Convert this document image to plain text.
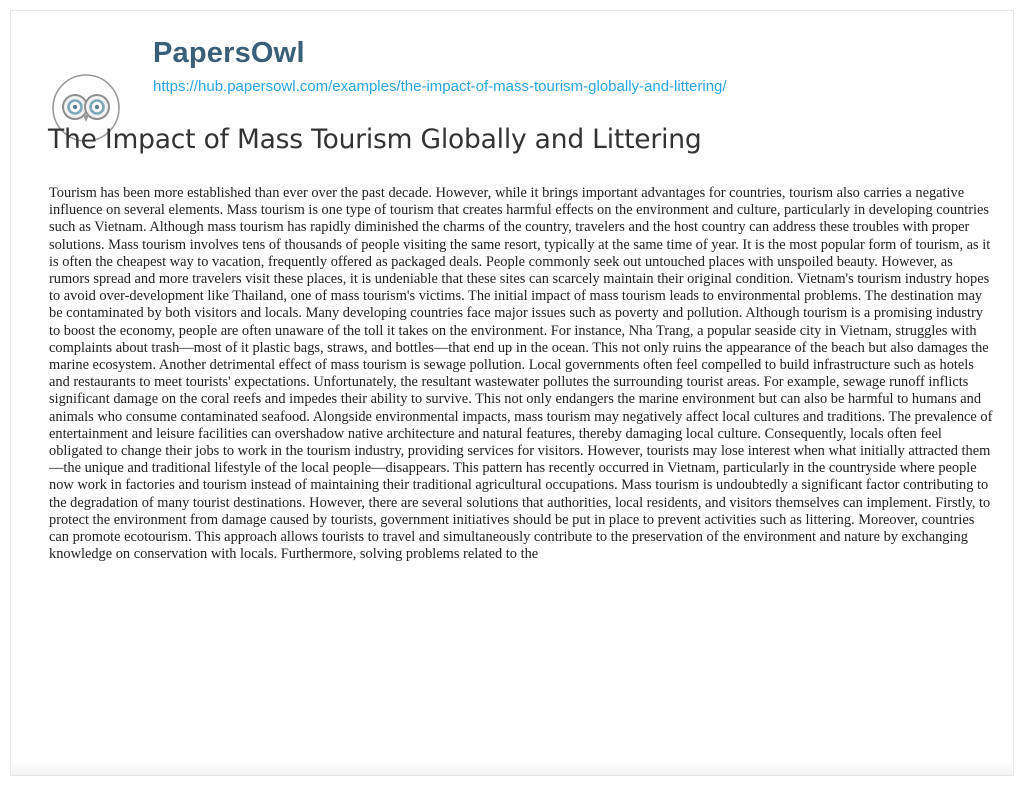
PapersOwl
https://hub.papersowl.com/examples/the-impact-of-mass-tourism-globally-and-littering/
The Impact of Mass Tourism Globally and Littering

Tourism has been more established than ever over the past decade. However, while it brings important advantages for countries, tourism also carries a negative influence on several elements. Mass tourism is one type of tourism that creates harmful effects on the environment and culture, particularly in developing countries such as Vietnam. Although mass tourism has rapidly diminished the charms of the country, travelers and the host country can address these troubles with proper solutions. Mass tourism involves tens of thousands of people visiting the same resort, typically at the same time of year. It is the most popular form of tourism, as it is often the cheapest way to vacation, frequently offered as packaged deals. People commonly seek out untouched places with unspoiled beauty. However, as rumors spread and more travelers visit these places, it is undeniable that these sites can scarcely maintain their original condition. Vietnam's tourism industry hopes to avoid over-development like Thailand, one of mass tourism's victims. The initial impact of mass tourism leads to environmental problems. The destination may be contaminated by both visitors and locals. Many developing countries face major issues such as poverty and pollution. Although tourism is a promising industry to boost the economy, people are often unaware of the toll it takes on the environment. For instance, Nha Trang, a popular seaside city in Vietnam, struggles with complaints about trash—most of it plastic bags, straws, and bottles—that end up in the ocean. This not only ruins the appearance of the beach but also damages the marine ecosystem. Another detrimental effect of mass tourism is sewage pollution. Local governments often feel compelled to build infrastructure such as hotels and restaurants to meet tourists' expectations. Unfortunately, the resultant wastewater pollutes the surrounding tourist areas. For example, sewage runoff inflicts significant damage on the coral reefs and impedes their ability to survive. This not only endangers the marine environment but can also be harmful to humans and animals who consume contaminated seafood. Alongside environmental impacts, mass tourism may negatively affect local cultures and traditions. The prevalence of entertainment and leisure facilities can overshadow native architecture and natural features, thereby damaging local culture. Consequently, locals often feel obligated to change their jobs to work in the tourism industry, providing services for visitors. However, tourists may lose interest when what initially attracted them—the unique and traditional lifestyle of the local people—disappears. This pattern has recently occurred in Vietnam, particularly in the countryside where people now work in factories and tourism instead of maintaining their traditional agricultural occupations. Mass tourism is undoubtedly a significant factor contributing to the degradation of many tourist destinations. However, there are several solutions that authorities, local residents, and visitors themselves can implement. Firstly, to protect the environment from damage caused by tourists, government initiatives should be put in place to prevent activities such as littering. Moreover, countries can promote ecotourism. This approach allows tourists to travel and simultaneously contribute to the preservation of the environment and nature by exchanging knowledge on conservation with locals. Furthermore, solving problems related to the
